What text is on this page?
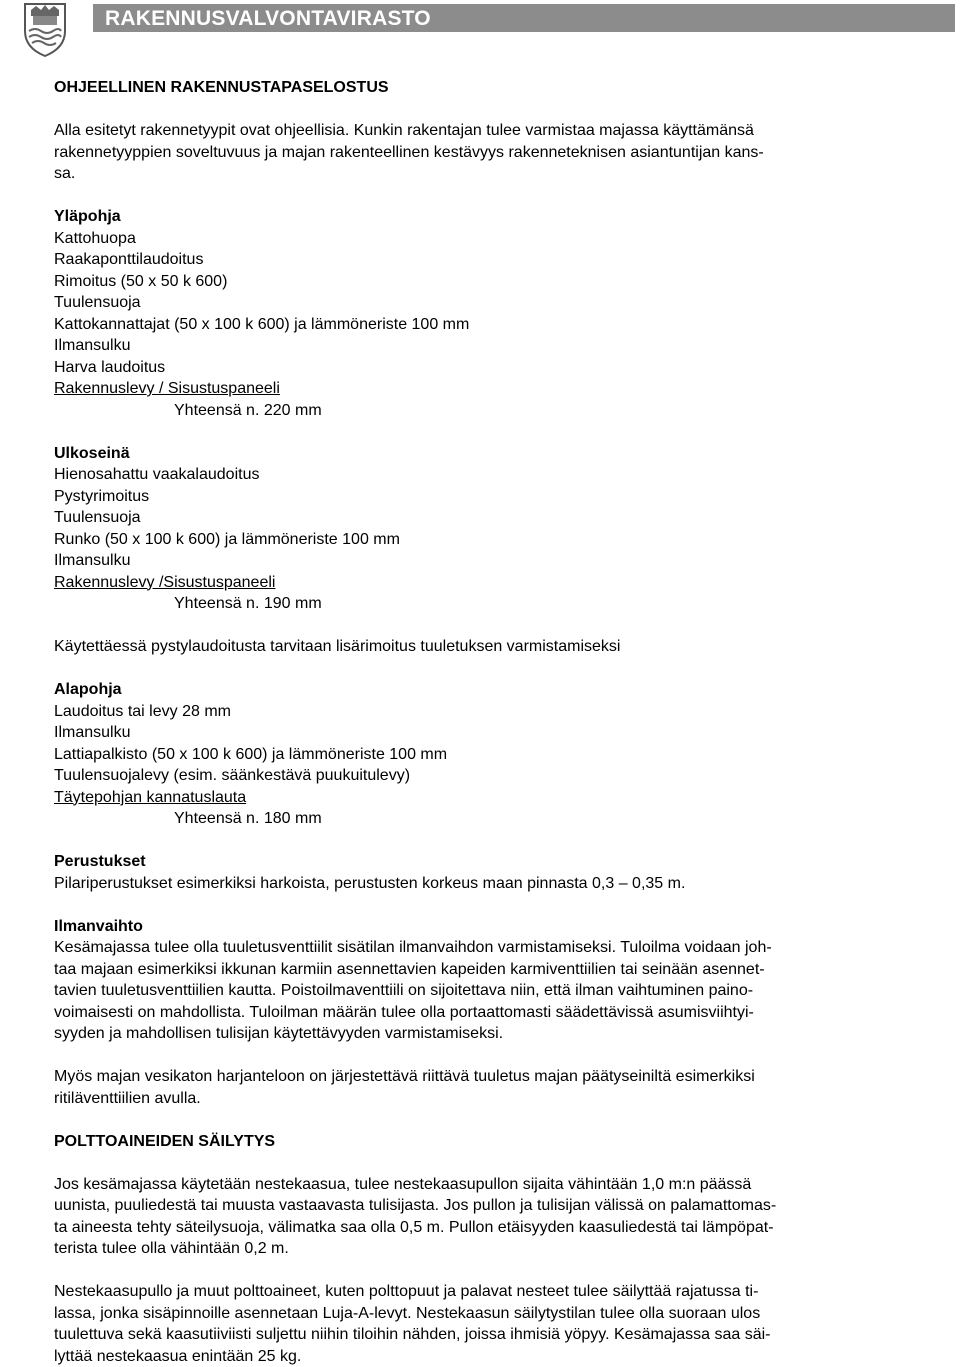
RAKENNUSVALVONTAVIRASTO
OHJEELLINEN RAKENNUSTAPASELOSTUS
Alla esitetyt rakennetyypit ovat ohjeellisia. Kunkin rakentajan tulee varmistaa majassa käyttämänsä
rakennetyyppien soveltuvuus ja majan rakenteellinen kestävyys rakenneteknisen asiantuntijan kans-
sa.
Yläpohja
Kattohuopa
Raakaponttilaudoitus
Rimoitus (50 x 50 k 600)
Tuulensuoja
Kattokannattajat (50 x 100 k 600) ja lämmöneriste 100 mm
Ilmansulku
Harva laudoitus
Rakennuslevy / Sisustuspaneeli
Yhteensä n. 220 mm
Ulkoseinä
Hienosahattu vaakalaudoitus
Pystyrimoitus
Tuulensuoja
Runko (50 x 100 k 600) ja lämmöneriste 100 mm
Ilmansulku
Rakennuslevy /Sisustuspaneeli
Yhteensä n. 190 mm
Käytettäessä pystylaudoitusta tarvitaan lisärimoitus tuuletuksen varmistamiseksi
Alapohja
Laudoitus tai levy 28 mm
Ilmansulku
Lattiapalkisto (50 x 100 k 600) ja lämmöneriste 100 mm
Tuulensuojalevy (esim. säänkestävä puukuitulevy)
Täytepohjan kannatuslauta
Yhteensä n. 180 mm
Perustukset
Pilariperustukset esimerkiksi harkoista, perustusten korkeus maan pinnasta 0,3 – 0,35 m.
Ilmanvaihto
Kesämajassa tulee olla tuuletusventtiilit sisätilan ilmanvaihdon varmistamiseksi. Tuloilma voidaan joh-
taa majaan esimerkiksi ikkunan karmiin asennettavien kapeiden karmiventtiilien tai seinään asennet-
tavien tuuletusventtiilien kautta. Poistoilmaventtiili on sijoitettava niin, että ilman vaihtuminen paino-
voimaisesti on mahdollista. Tuloilman määrän tulee olla portaattomasti säädettävissä asumisviihtyi-
syyden ja mahdollisen tulisijan käytettävyyden varmistamiseksi.
Myös majan vesikaton harjanteloon on järjestettävä riittävä tuuletus majan päätyseiniltä esimerkiksi
ritiläventtiilien avulla.
POLTTOAINEIDEN SÄILYTYS
Jos kesämajassa käytetään nestekaasua, tulee nestekaasupullon sijaita vähintään 1,0 m:n päässä
uunista, puuliedestä tai muusta vastaavasta tulisijasta. Jos pullon ja tulisijan välissä on palamattomas-
ta aineesta tehty säteilysuoja, välimatka saa olla 0,5 m. Pullon etäisyyden kaasuliedestä tai lämpöpat-
terista tulee olla vähintään 0,2 m.
Nestekaasupullo ja muut polttoaineet, kuten polttopuut ja palavat nesteet tulee säilyttää rajatussa ti-
lassa, jonka sisäpinnoille asennetaan Luja-A-levyt. Nestekaasun säilytystilan tulee olla suoraan ulos
tuulettuva sekä kaasutiiviisti suljettu niihin tiloihin nähden, joissa ihmisiä yöpyy. Kesämajassa saa säi-
lyttää nestekaasua enintään 25 kg.
